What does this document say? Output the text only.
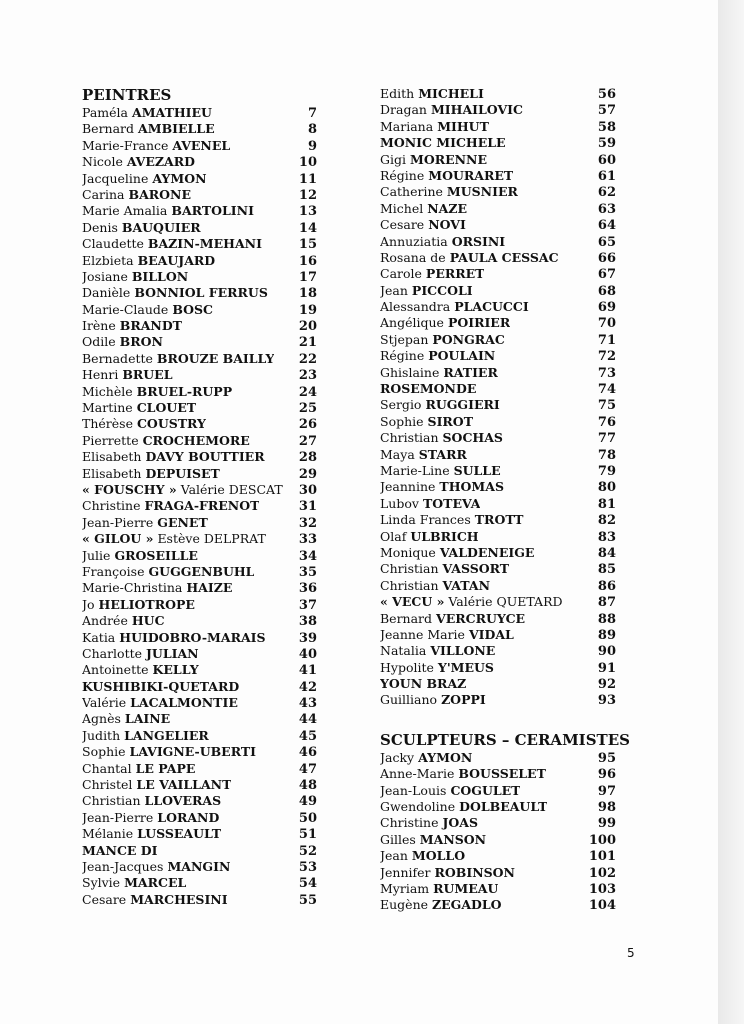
PEINTRES
Paméla AMATHIEU	7
Bernard AMBIELLE	8
Marie-France AVENEL	9
Nicole AVEZARD	10
Jacqueline AYMON	11
Carina BARONE	12
Marie Amalia BARTOLINI	13
Denis BAUQUIER	14
Claudette BAZIN-MEHANI	15
Elzbieta BEAUJARD	16
Josiane BILLON	17
Danièle BONNIOL FERRUS 18
Marie-Claude BOSC	19
Irène BRANDT	20
Odile BRON	21
Bernadette BROUZE BAILLY 22
Henri BRUEL	23
Michèle BRUEL-RUPP	24
Martine CLOUET	25
Thérèse COUSTRY	26
Pierrette CROCHEMORE	27
Elisabeth DAVY BOUTTIER	28
Elisabeth DEPUISET	29
« FOUSCHY » Valérie DESCAT 30
Christine FRAGA-FRENOT	31
Jean-Pierre GENET	32
« GILOU » Estève DELPRAT	33
Julie GROSEILLE	34
Françoise GUGGENBUHL	35
Marie-Christina HAIZE	36
Jo HELIOTROPE	37
Andrée HUC	38
Katia HUIDOBRO-MARAIS	39
Charlotte JULIAN	40
Antoinette KELLY	41
KUSHIBIKI-QUETARD	42
Valérie LACALMONTIE	43
Agnès LAINE	44
Judith LANGELIER	45
Sophie LAVIGNE-UBERTI	46
Chantal LE PAPE	47
Christel LE VAILLANT	48
Christian LLOVERAS	49
Jean-Pierre LORAND	50
Mélanie LUSSEAULT	51
MANCE DI	52
Jean-Jacques MANGIN	53
Sylvie MARCEL	54
Cesare MARCHESINI	55
Edith MICHELI	56
Dragan MIHAILOVIC	57
Mariana MIHUT	58
MONIC MICHELE	59
Gigi MORENNE	60
Régine MOURARET	61
Catherine MUSNIER	62
Michel NAZE	63
Cesare NOVI	64
Annuziatia ORSINI	65
Rosana de PAULA CESSAC	66
Carole PERRET	67
Jean PICCOLI	68
Alessandra PLACUCCI	69
Angélique POIRIER	70
Stjepan PONGRAC	71
Régine POULAIN	72
Ghislaine RATIER	73
ROSEMONDE	74
Sergio RUGGIERI	75
Sophie SIROT	76
Christian SOCHAS	77
Maya STARR	78
Marie-Line SULLE	79
Jeannine THOMAS	80
Lubov TOTEVA	81
Linda Frances TROTT	82
Olaf ULBRICH	83
Monique VALDENEIGE	84
Christian VASSORT	85
Christian VATAN	86
« VECU » Valérie QUETARD	87
Bernard VERCRUYCE	88
Jeanne Marie VIDAL	89
Natalia VILLONE	90
Hypolite Y'MEUS	91
YOUN BRAZ	92
Guilliano ZOPPI	93
SCULPTEURS – CERAMISTES
Jacky AYMON	95
Anne-Marie BOUSSELET	96
Jean-Louis COGULET	97
Gwendoline DOLBEAULT	98
Christine JOAS	99
Gilles MANSON	100
Jean MOLLO	101
Jennifer ROBINSON	102
Myriam RUMEAU	103
Eugène ZEGADLO	104
5
